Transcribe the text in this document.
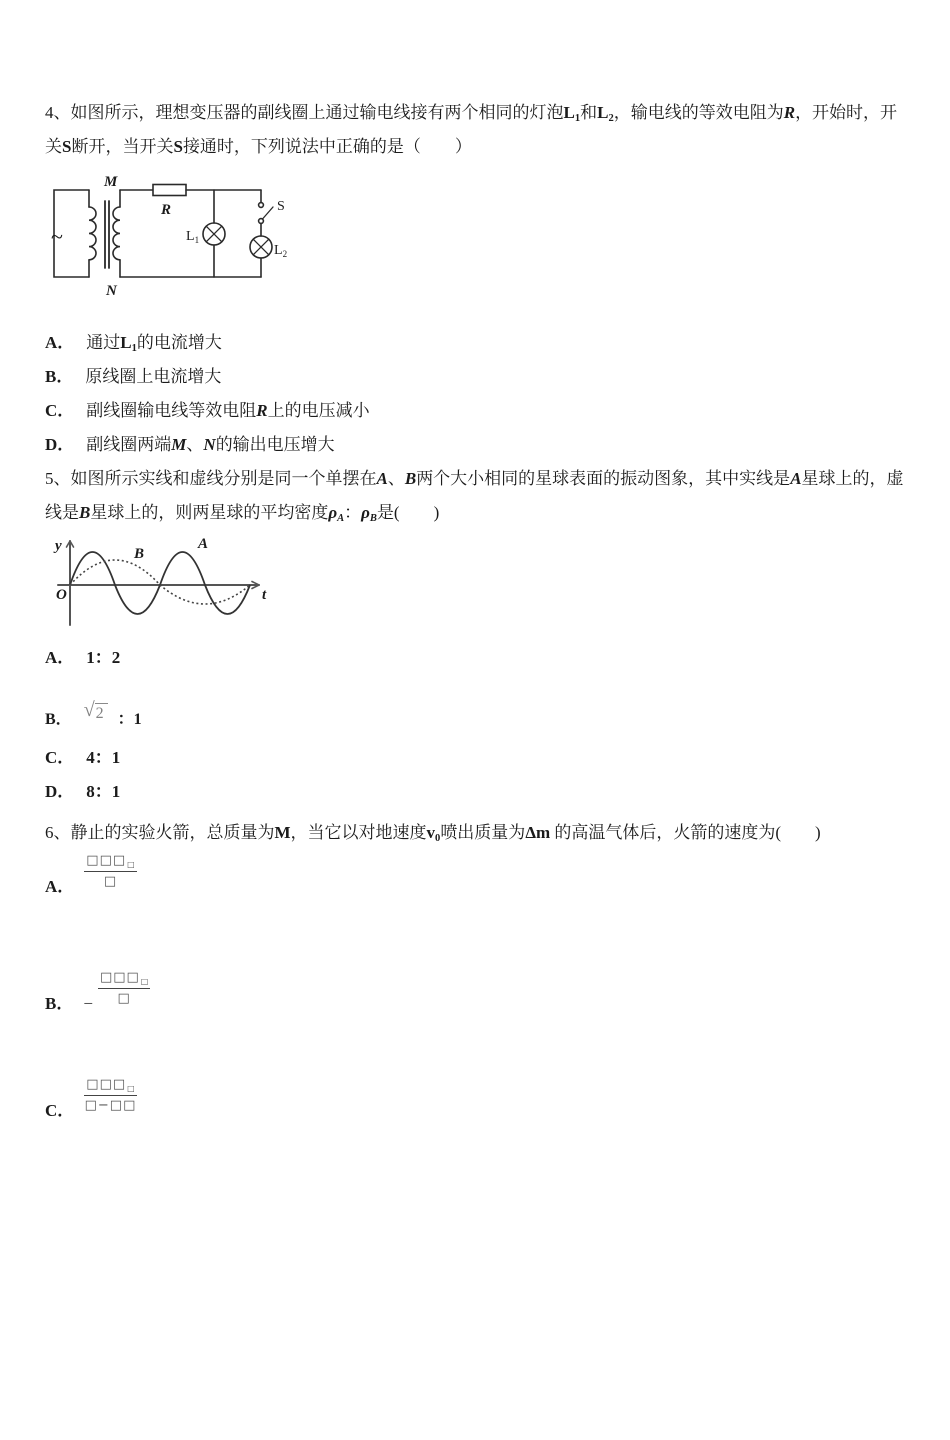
4、如图所示，理想变压器的副线圈上通过输电线接有两个相同的灯泡L1和L2，输电线的等效电阻为R，开始时，开
关S断开，当开关S接通时，下列说法中正确的是（　　）
~
M
N
R
$L_1$
S
$L_2$
A． 通过L1的电流增大
B． 原线圈上电流增大
C． 副线圈输电线等效电阻R上的电压减小
D． 副线圈两端M、N的输出电压增大
5、如图所示实线和虚线分别是同一个单摆在A、B两个大小相同的星球表面的振动图象，其中实线是A星球上的，虚
线是B星球上的，则两星球的平均密度ρA：ρB是(　　)
y
O	t
B
A
A． 1：2
B． √ 2 ：1
C． 4：1
D． 8：1
6、静止的实验火箭，总质量为M，当它以对地速度v0喷出质量为Δm 的高温气体后，火箭的速度为(　　)
A． $\frac{□□□_□}{□}$
B． − $\frac{□□□_□}{□}$
C． $\frac{□□□_□}{□-□□}$
